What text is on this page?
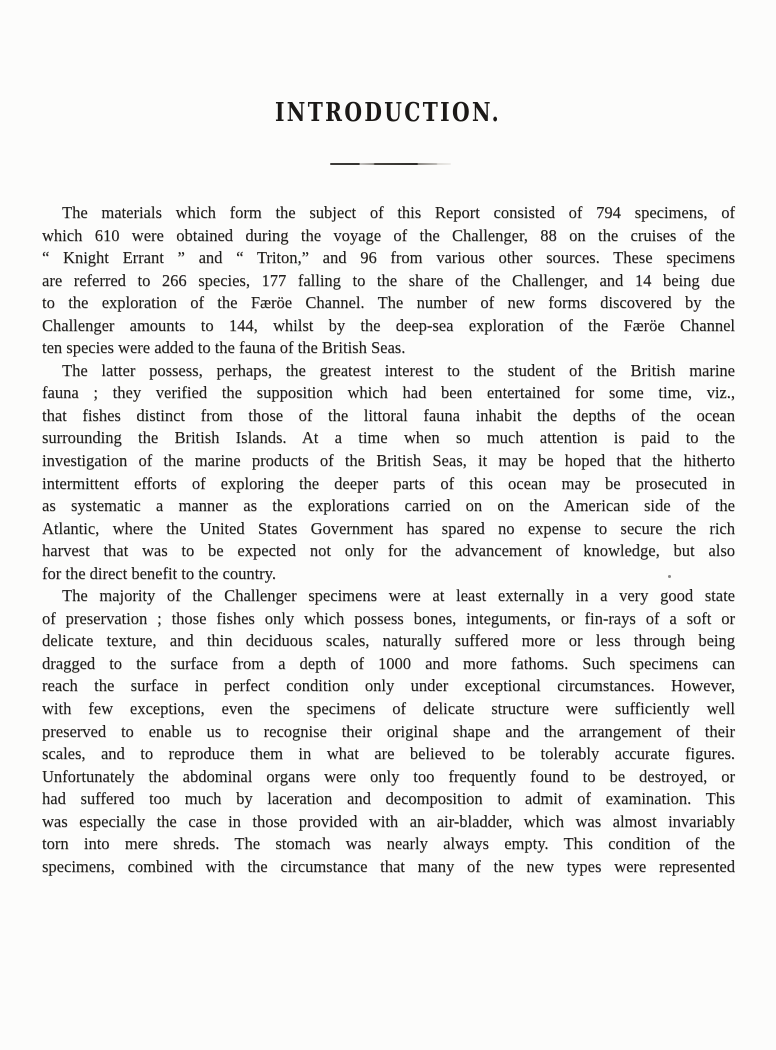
INTRODUCTION.

The materials which form the subject of this Report consisted of 794 specimens, of
which 610 were obtained during the voyage of the Challenger, 88 on the cruises of the
“ Knight Errant ” and “ Triton,” and 96 from various other sources. These specimens
are referred to 266 species, 177 falling to the share of the Challenger, and 14 being due
to the exploration of the Færöe Channel. The number of new forms discovered by the
Challenger amounts to 144, whilst by the deep-sea exploration of the Færöe Channel
ten species were added to the fauna of the British Seas.

The latter possess, perhaps, the greatest interest to the student of the British marine
fauna ; they verified the supposition which had been entertained for some time, viz.,
that fishes distinct from those of the littoral fauna inhabit the depths of the ocean
surrounding the British Islands. At a time when so much attention is paid to the
investigation of the marine products of the British Seas, it may be hoped that the hitherto
intermittent efforts of exploring the deeper parts of this ocean may be prosecuted in
as systematic a manner as the explorations carried on on the American side of the
Atlantic, where the United States Government has spared no expense to secure the rich
harvest that was to be expected not only for the advancement of knowledge, but also
for the direct benefit to the country.

The majority of the Challenger specimens were at least externally in a very good state
of preservation ; those fishes only which possess bones, integuments, or fin-rays of a soft or
delicate texture, and thin deciduous scales, naturally suffered more or less through being
dragged to the surface from a depth of 1000 and more fathoms. Such specimens can
reach the surface in perfect condition only under exceptional circumstances. However,
with few exceptions, even the specimens of delicate structure were sufficiently well
preserved to enable us to recognise their original shape and the arrangement of their
scales, and to reproduce them in what are believed to be tolerably accurate figures.
Unfortunately the abdominal organs were only too frequently found to be destroyed, or
had suffered too much by laceration and decomposition to admit of examination. This
was especially the case in those provided with an air-bladder, which was almost invariably
torn into mere shreds. The stomach was nearly always empty. This condition of the
specimens, combined with the circumstance that many of the new types were represented
